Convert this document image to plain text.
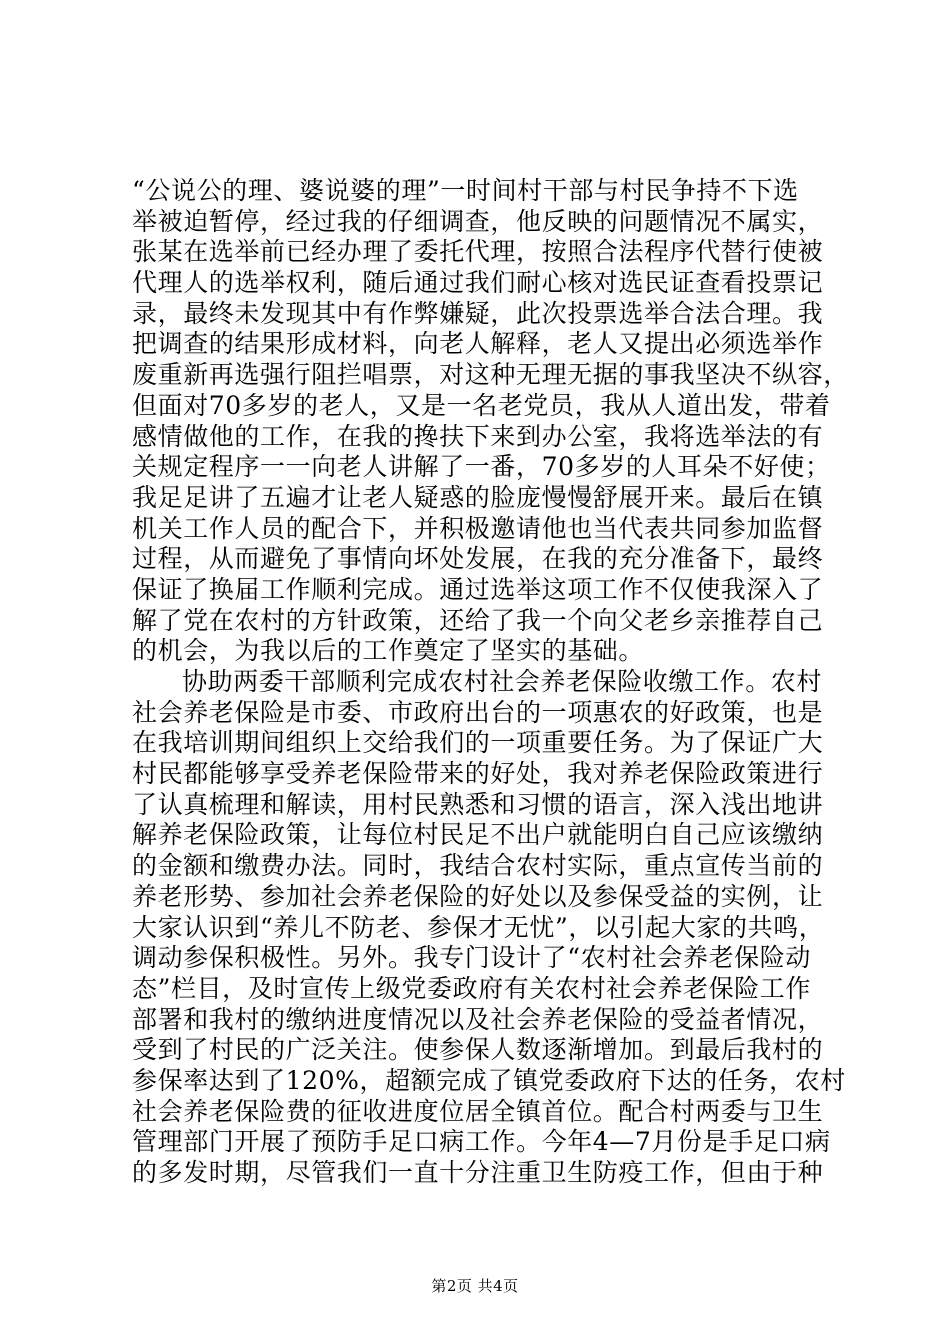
“公说公的理、婆说婆的理”一时间村干部与村民争持不下选
举被迫暂停，经过我的仔细调查，他反映的问题情况不属实，
张某在选举前已经办理了委托代理，按照合法程序代替行使被
代理人的选举权利，随后通过我们耐心核对选民证查看投票记
录，最终未发现其中有作弊嫌疑，此次投票选举合法合理。我
把调查的结果形成材料，向老人解释，老人又提出必须选举作
废重新再选强行阻拦唱票，对这种无理无据的事我坚决不纵容，
但面对70多岁的老人，又是一名老党员，我从人道出发，带着
感情做他的工作，在我的搀扶下来到办公室，我将选举法的有
关规定程序一一向老人讲解了一番，70多岁的人耳朵不好使；
我足足讲了五遍才让老人疑惑的脸庞慢慢舒展开来。最后在镇
机关工作人员的配合下，并积极邀请他也当代表共同参加监督
过程，从而避免了事情向坏处发展，在我的充分准备下，最终
保证了换届工作顺利完成。通过选举这项工作不仅使我深入了
解了党在农村的方针政策，还给了我一个向父老乡亲推荐自己
的机会，为我以后的工作奠定了坚实的基础。
协助两委干部顺利完成农村社会养老保险收缴工作。农村
社会养老保险是市委、市政府出台的一项惠农的好政策，也是
在我培训期间组织上交给我们的一项重要任务。为了保证广大
村民都能够享受养老保险带来的好处，我对养老保险政策进行
了认真梳理和解读，用村民熟悉和习惯的语言，深入浅出地讲
解养老保险政策，让每位村民足不出户就能明白自己应该缴纳
的金额和缴费办法。同时，我结合农村实际，重点宣传当前的
养老形势、参加社会养老保险的好处以及参保受益的实例，让
大家认识到“养儿不防老、参保才无忧”，以引起大家的共鸣，
调动参保积极性。另外。我专门设计了“农村社会养老保险动
态”栏目，及时宣传上级党委政府有关农村社会养老保险工作
部署和我村的缴纳进度情况以及社会养老保险的受益者情况，
受到了村民的广泛关注。使参保人数逐渐增加。到最后我村的
参保率达到了120%，超额完成了镇党委政府下达的任务，农村
社会养老保险费的征收进度位居全镇首位。配合村两委与卫生
管理部门开展了预防手足口病工作。今年4—7月份是手足口病
的多发时期，尽管我们一直十分注重卫生防疫工作，但由于种
第2页 共4页
